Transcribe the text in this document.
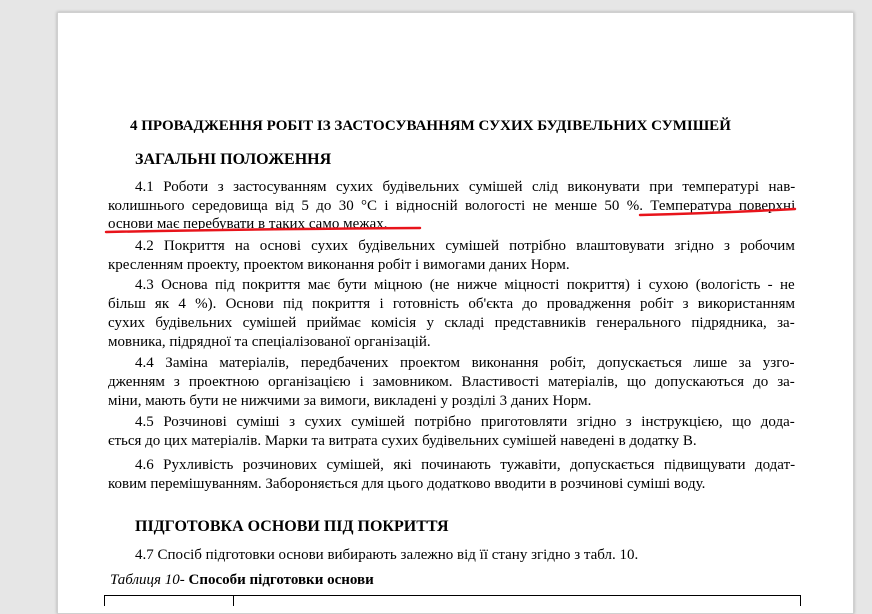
4 ПРОВАДЖЕННЯ РОБІТ ІЗ ЗАСТОСУВАННЯМ СУХИХ БУДІВЕЛЬНИХ СУМІШЕЙ
ЗАГАЛЬНІ ПОЛОЖЕННЯ
4.1 Роботи з застосуванням сухих будівельних сумішей слід виконувати при температурі нав-
колишнього середовища від 5 до 30 °С і відносній вологості не менше 50 %. Температура поверхні
основи має перебувати в таких само межах.
4.2 Покриття на основі сухих будівельних сумішей потрібно влаштовувати згідно з робочим
кресленням проекту, проектом виконання робіт і вимогами даних Норм.
4.3 Основа під покриття має бути міцною (не нижче міцності покриття) і сухою (вологість - не
більш як 4 %). Основи під покриття і готовність об'єкта до провадження робіт з використанням
сухих будівельних сумішей приймає комісія у складі представників генерального підрядника, за-
мовника, підрядної та спеціалізованої організацій.
4.4 Заміна матеріалів, передбачених проектом виконання робіт, допускається лише за узго-
дженням з проектною організацією і замовником. Властивості матеріалів, що допускаються до за-
міни, мають бути не нижчими за вимоги, викладені у розділі 3 даних Норм.
4.5 Розчинові суміші з сухих сумішей потрібно приготовляти згідно з інструкцією, що дода-
ється до цих матеріалів. Марки та витрата сухих будівельних сумішей наведені в додатку В.
4.6 Рухливість розчинових сумішей, які починають тужавіти, допускається підвищувати додат-
ковим перемішуванням. Забороняється для цього додатково вводити в розчинові суміші воду.
ПІДГОТОВКА ОСНОВИ ПІД ПОКРИТТЯ
4.7 Спосіб підготовки основи вибирають залежно від її стану згідно з табл. 10.
Таблиця 10- Способи підготовки основи
